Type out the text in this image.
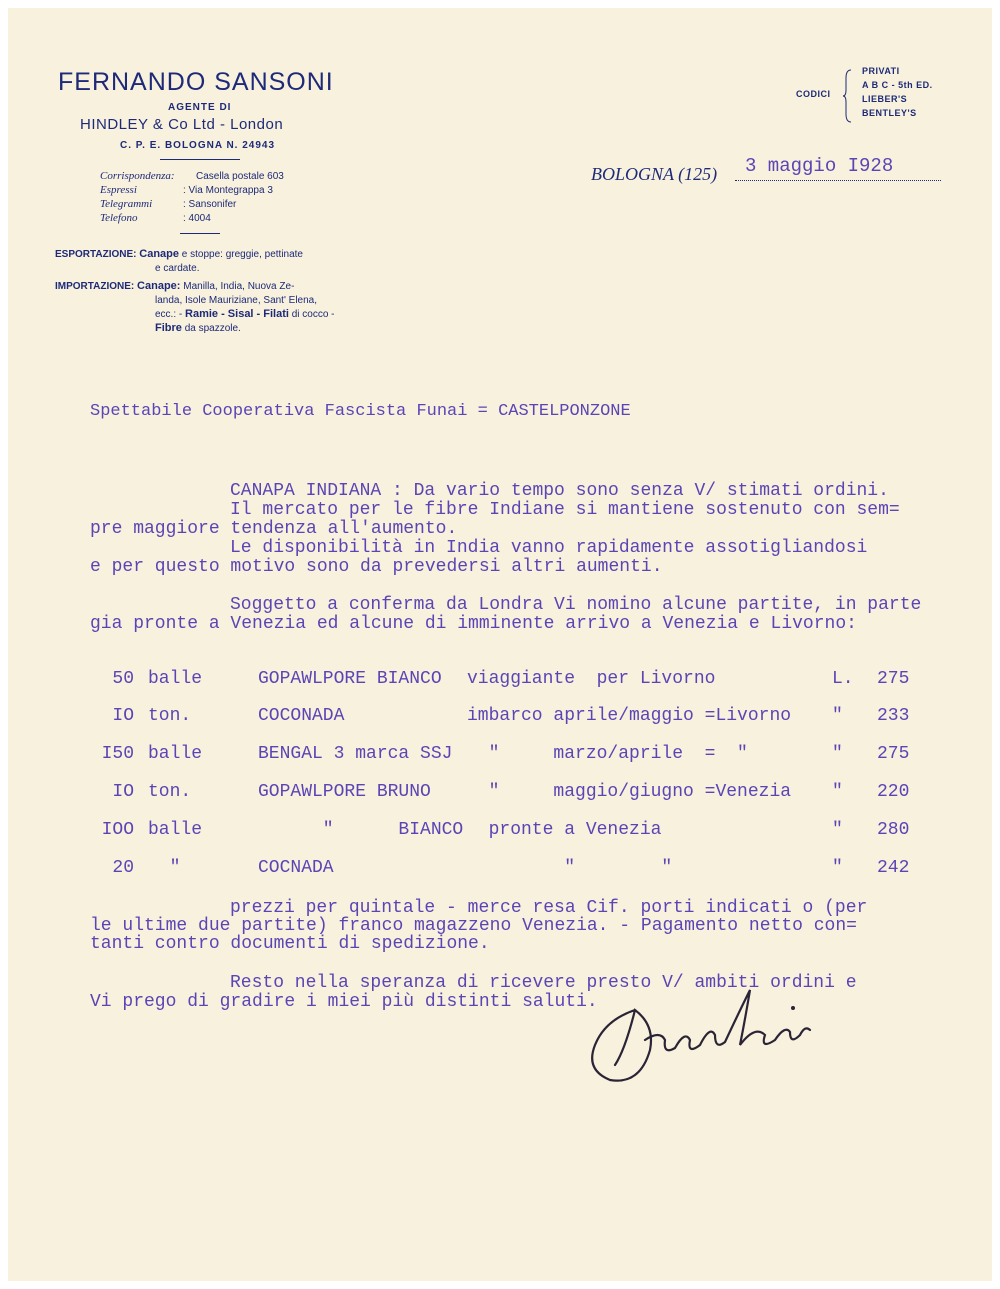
FERNANDO SANSONI
AGENTE DI
HINDLEY & Co Ltd - London
C. P. E. BOLOGNA N. 24943
Corrispondenza: Casella postale 603
Espressi	: Via Montegrappa 3
Telegrammi	: Sansonifer
Telefono	: 4004
ESPORTAZIONE: Canape e stoppe: greggie, pettinate
e cardate.
IMPORTAZIONE: Canape: Manilla, India, Nuova Ze-
landa, Isole Mauriziane, Sant' Elena,
ecc.: - Ramie - Sisal - Filati di cocco -
Fibre da spazzole.
CODICI
PRIVATI
A B C - 5th ED.
LIEBER'S
BENTLEY'S
BOLOGNA (125) 3 maggio I928
Spettabile Cooperativa Fascista Funai = CASTELPONZONE
CANAPA INDIANA : Da vario tempo sono senza V/ stimati ordini.
Il mercato per le fibre Indiane si mantiene sostenuto con sem=
pre maggiore tendenza all'aumento.
Le disponibilità in India vanno rapidamente assotigliandosi
e per questo motivo sono da prevedersi altri aumenti.
Soggetto a conferma da Londra Vi nomino alcune partite, in parte
gia pronte a Venezia ed alcune di imminente arrivo a Venezia e Livorno:
50 balle	GOPAWLPORE BIANCO viaggiante  per Livorno	L. 275
IO ton.	COCONADA	imbarco aprile/maggio =Livorno " 233
I50 balle	BENGAL 3 marca SSJ "     marzo/aprile  =  "	" 275
IO ton.	GOPAWLPORE BRUNO "     maggio/giugno =Venezia " 220
IOO balle	"      BIANCO pronte a Venezia	" 280
20 "	COCNADA	"        "	" 242
prezzi per quintale - merce resa Cif. porti indicati o (per
le ultime due partite) franco magazzeno Venezia. - Pagamento netto con=
tanti contro documenti di spedizione.
Resto nella speranza di ricevere presto V/ ambiti ordini e
Vi prego di gradire i miei più distinti saluti.
